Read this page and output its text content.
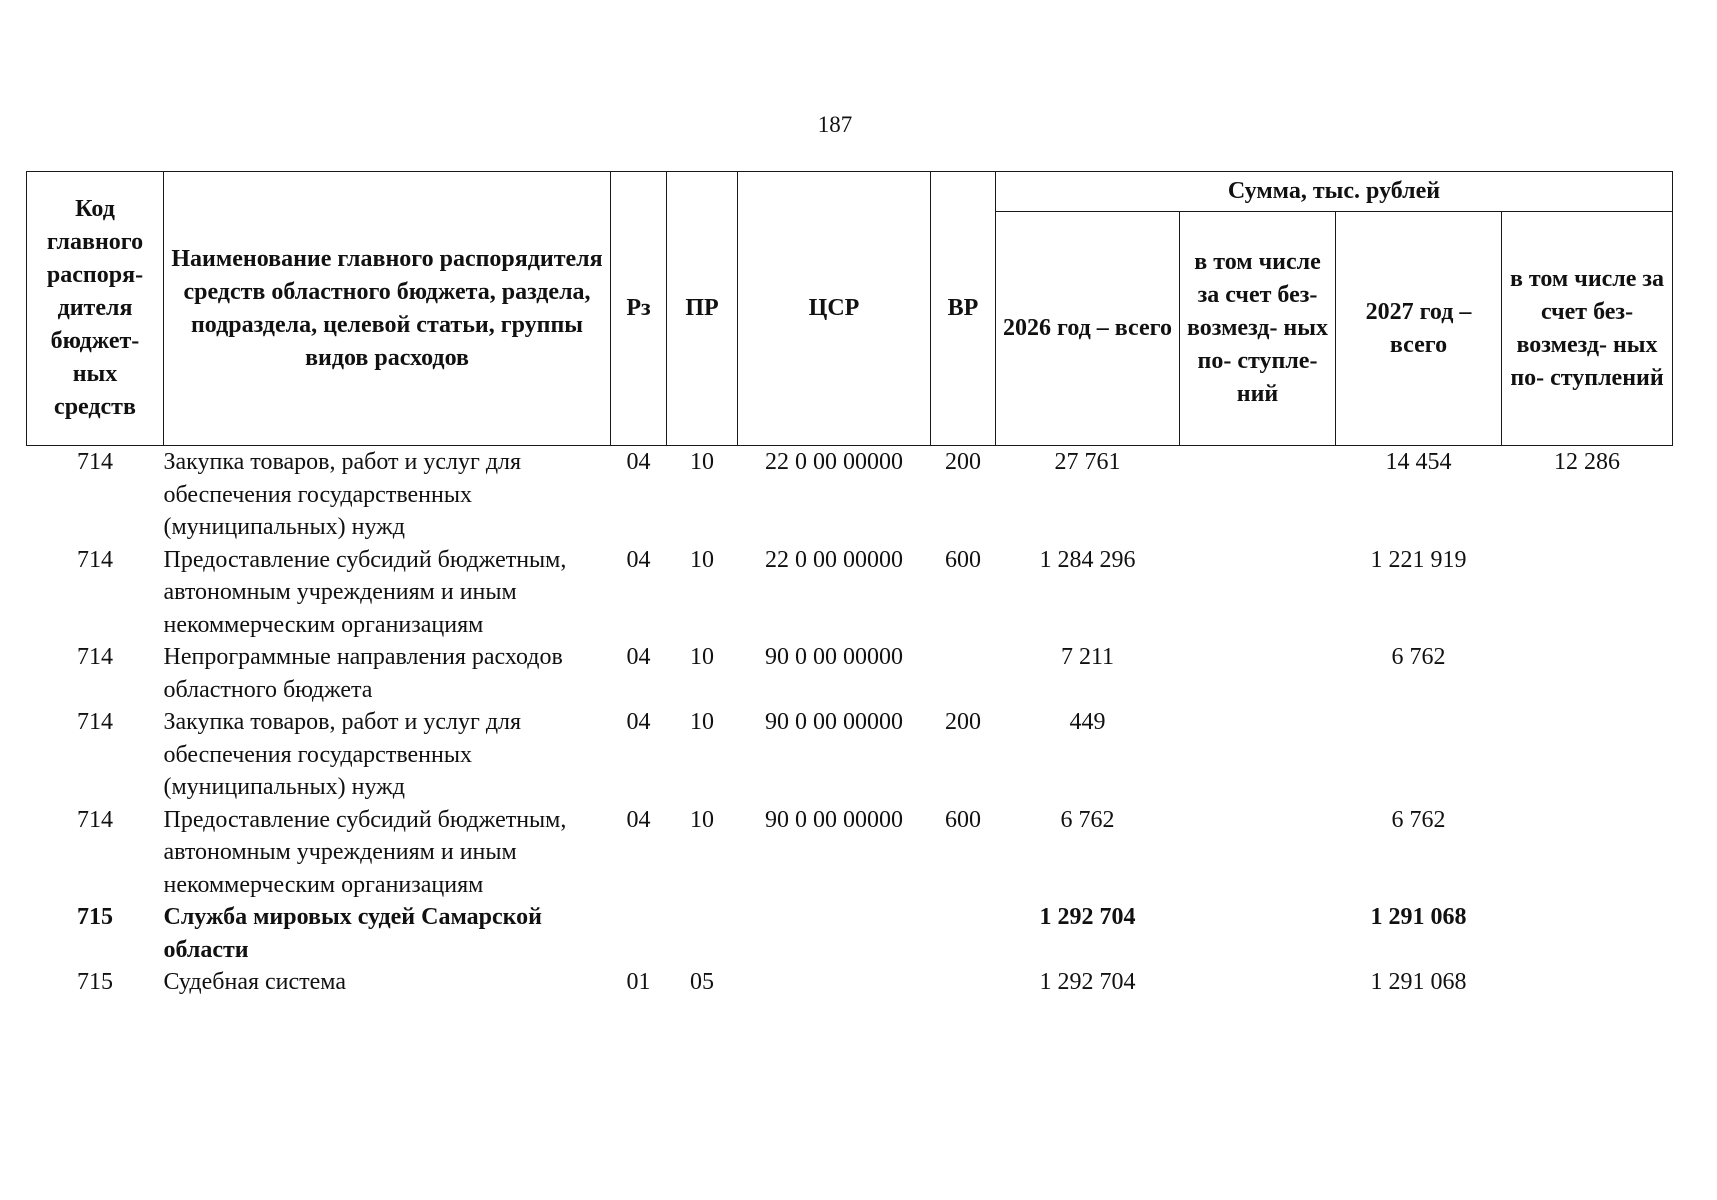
187
Код главного распоря- дителя бюджет- ных средств	Наименование главного распорядителя средств областного бюджета, раздела, подраздела, целевой статьи, группы видов расходов	Рз	ПР	ЦСР	ВР	Сумма, тыс. рублей			
						2026 год – всего	в том числе за счет без- возмезд- ных по- ступле- ний	2027 год – всего	в том числе за счет без- возмезд- ных по- ступлений
714	Закупка товаров, работ и услуг для обеспечения государственных (муниципальных) нужд	04	10	22 0 00 00000	200	27 761		14 454	12 286
714	Предоставление субсидий бюджетным, автономным учреждениям и иным некоммерческим организациям	04	10	22 0 00 00000	600	1 284 296		1 221 919	
714	Непрограммные направления расходов областного бюджета	04	10	90 0 00 00000		7 211		6 762	
714	Закупка товаров, работ и услуг для обеспечения государственных (муниципальных) нужд	04	10	90 0 00 00000	200	449			
714	Предоставление субсидий бюджетным, автономным учреждениям и иным некоммерческим организациям	04	10	90 0 00 00000	600	6 762		6 762	
715	Служба мировых судей Самарской области					1 292 704		1 291 068	
715	Судебная система	01	05			1 292 704		1 291 068	
